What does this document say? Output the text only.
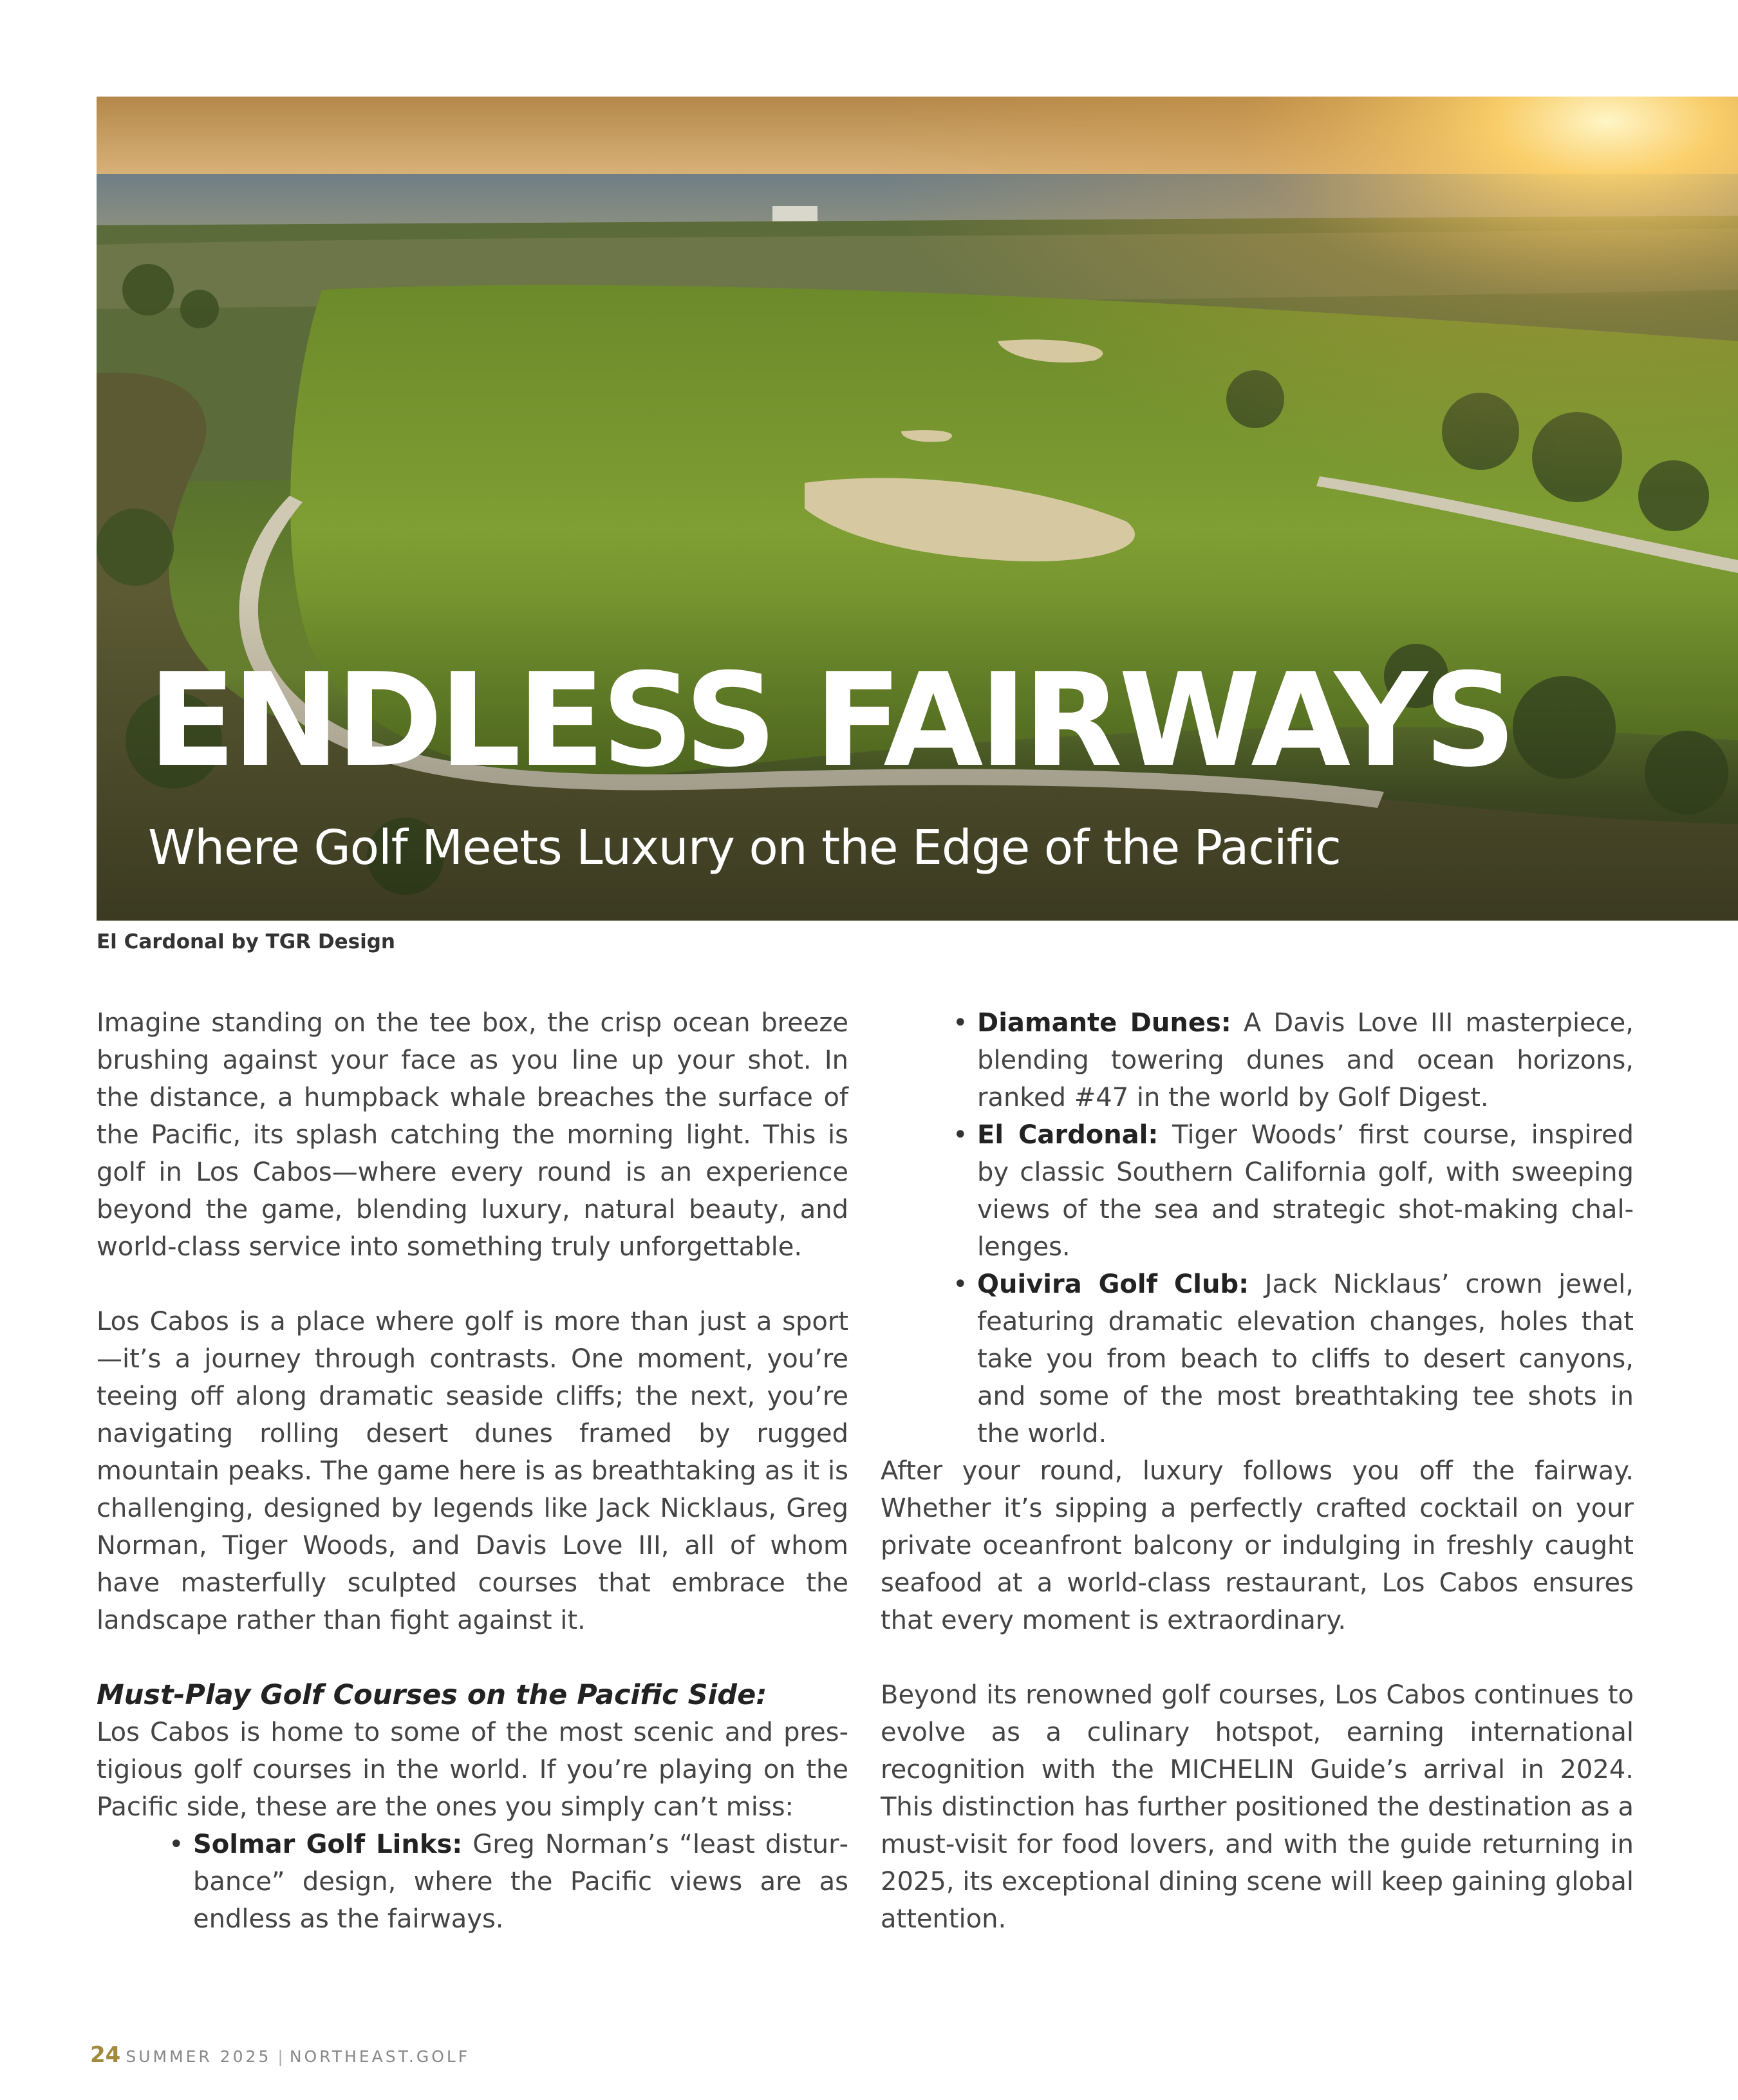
ENDLESS FAIRWAYS
Where Golf Meets Luxury on the Edge of the Pacific
El Cardonal by TGR Design

Imagine standing on the tee box, the crisp ocean breeze brushing against your face as you line up your shot. In the distance, a humpback whale breaches the surface of the Pacific, its splash catching the morning light. This is golf in Los Cabos—where every round is an experience beyond the game, blending luxury, natural beauty, and world-class service into something truly unforgettable.

Los Cabos is a place where golf is more than just a sport—it’s a journey through contrasts. One moment, you’re teeing off along dramatic seaside cliffs; the next, you’re navigating rolling desert dunes framed by rugged mountain peaks. The game here is as breathtaking as it is challenging, designed by legends like Jack Nicklaus, Greg Norman, Tiger Woods, and Davis Love III, all of whom have masterfully sculpted courses that embrace the landscape rather than fight against it.

Must-Play Golf Courses on the Pacific Side:

Los Cabos is home to some of the most scenic and prestigious golf courses in the world. If you’re playing on the Pacific side, these are the ones you simply can’t miss:

• Solmar Golf Links: Greg Norman’s “least disturbance” design, where the Pacific views are as endless as the fairways.
• Diamante Dunes: A Davis Love III masterpiece, blending towering dunes and ocean horizons, ranked #47 in the world by Golf Digest.
• El Cardonal: Tiger Woods’ first course, inspired by classic Southern California golf, with sweeping views of the sea and strategic shot-making challenges.
• Quivira Golf Club: Jack Nicklaus’ crown jewel, featuring dramatic elevation changes, holes that take you from beach to cliffs to desert canyons, and some of the most breathtaking tee shots in the world.

After your round, luxury follows you off the fairway. Whether it’s sipping a perfectly crafted cocktail on your private oceanfront balcony or indulging in freshly caught seafood at a world-class restaurant, Los Cabos ensures that every moment is extraordinary.

Beyond its renowned golf courses, Los Cabos continues to evolve as a culinary hotspot, earning international recognition with the MICHELIN Guide’s arrival in 2024. This distinction has further positioned the destination as a must-visit for food lovers, and with the guide returning in 2025, its exceptional dining scene will keep gaining global attention.

24 SUMMER 2025 | NORTHEAST.GOLF
